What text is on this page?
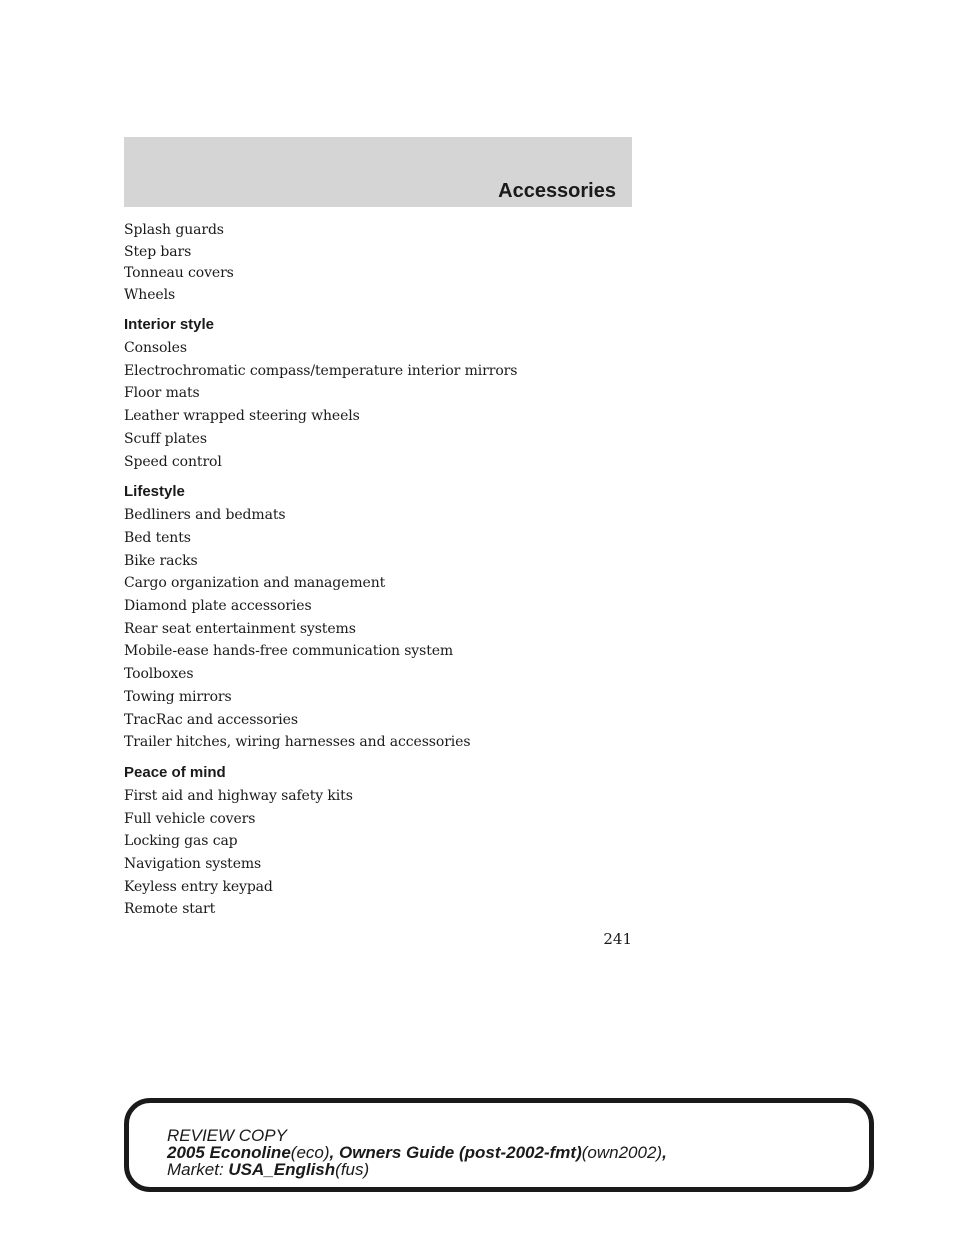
Accessories

Splash guards

Step bars

Tonneau covers

Wheels

Interior style

Consoles

Electrochromatic compass/temperature interior mirrors

Floor mats

Leather wrapped steering wheels

Scuff plates

Speed control

Lifestyle

Bedliners and bedmats

Bed tents

Bike racks

Cargo organization and management

Diamond plate accessories

Rear seat entertainment systems

Mobile-ease hands-free communication system

Toolboxes

Towing mirrors

TracRac and accessories

Trailer hitches, wiring harnesses and accessories

Peace of mind

First aid and highway safety kits

Full vehicle covers

Locking gas cap

Navigation systems

Keyless entry keypad

Remote start

241
REVIEW COPY
2005 Econoline(eco), Owners Guide (post-2002-fmt)(own2002),
Market: USA_English(fus)
